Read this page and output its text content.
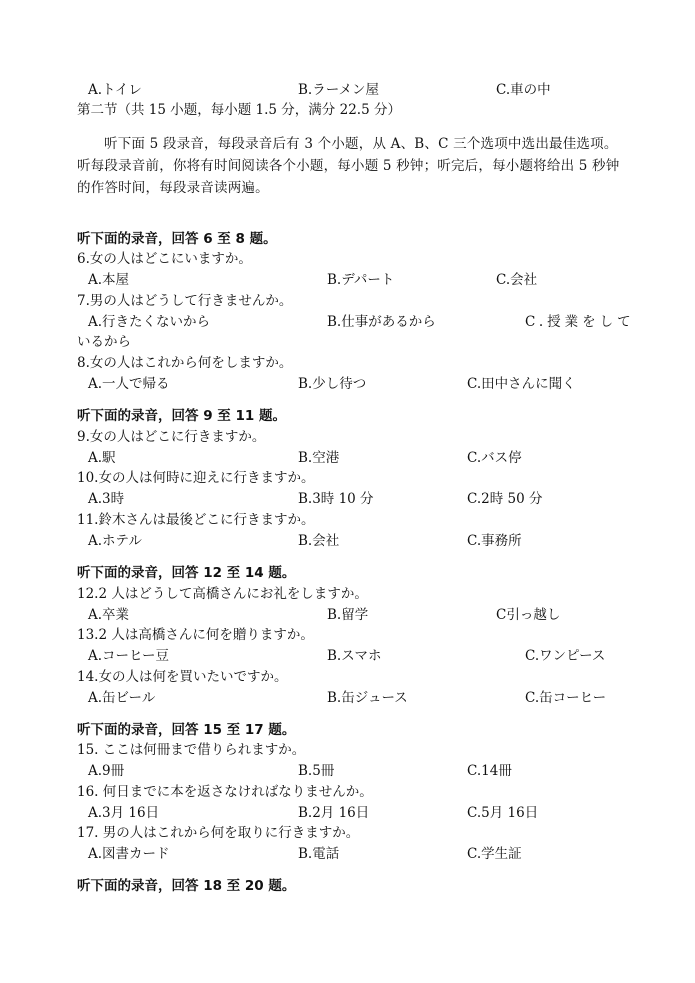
A.トイレ	B.ラーメン屋	C.車の中
第二节（共 15 小题，每小题 1.5 分，满分 22.5 分）
听下面 5 段录音，每段录音后有 3 个小题，从 A、B、C 三个选项中选出最佳选项。听每段录音前，你将有时间阅读各个小题，每小题 5 秒钟；听完后，每小题将给出 5 秒钟的作答时间，每段录音读两遍。
听下面的录音，回答 6 至 8 题。
6.女の人はどこにいますか。
A.本屋	B.デパート	C.会社
7.男の人はどうして行きませんか。
A.行きたくないから	B.仕事があるから	C.授業をして
いるから
8.女の人はこれから何をしますか。
A.一人で帰る	B.少し待つ	C.田中さんに聞く
听下面的录音，回答 9 至 11 题。
9.女の人はどこに行きますか。
A.駅	B.空港	C.バス停
10.女の人は何時に迎えに行きますか。
A.3時	B.3時 10 分	C.2時 50 分
11.鈴木さんは最後どこに行きますか。
A.ホテル	B.会社	C.事務所
听下面的录音，回答 12 至 14 题。
12.2 人はどうして高橋さんにお礼をしますか。
A.卒業	B.留学	C引っ越し
13.2 人は高橋さんに何を贈りますか。
A.コーヒー豆	B.スマホ	C.ワンピース
14.女の人は何を買いたいですか。
A.缶ビール	B.缶ジュース	C.缶コーヒー
听下面的录音，回答 15 至 17 题。
15. ここは何冊まで借りられますか。
A.9冊	B.5冊	C.14冊
16. 何日までに本を返さなければなりませんか。
A.3月 16日	B.2月 16日	C.5月 16日
17. 男の人はこれから何を取りに行きますか。
A.図書カード	B.電話	C.学生証
听下面的录音，回答 18 至 20 题。
